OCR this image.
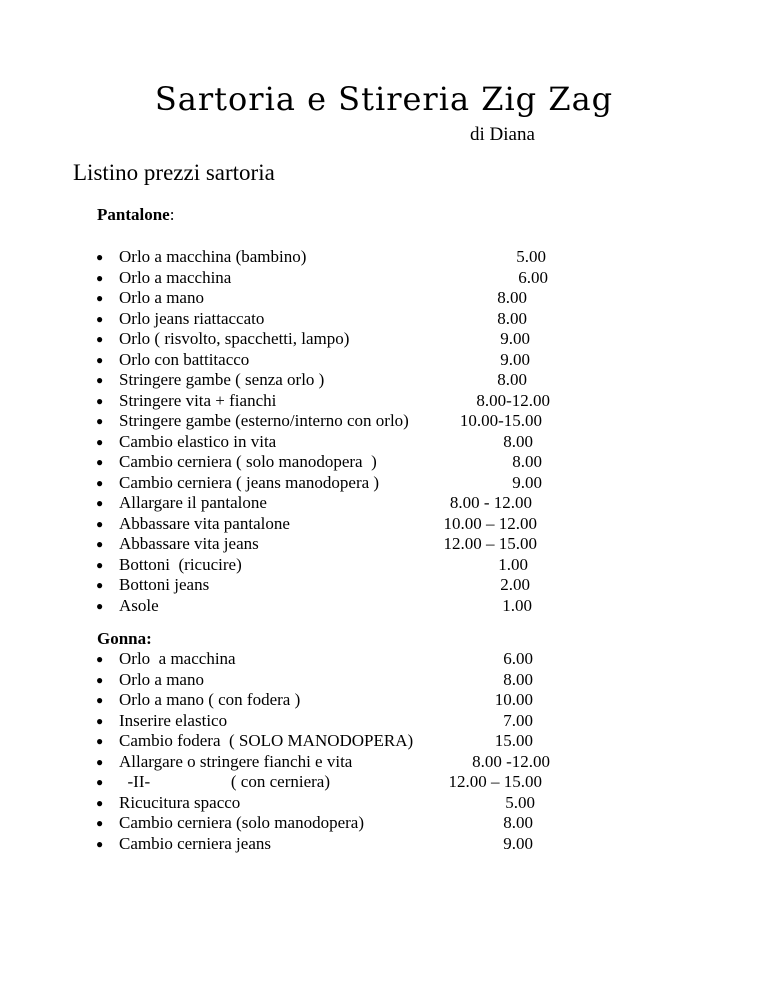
Sartoria e Stireria Zig Zag
di Diana
Listino prezzi sartoria
Pantalone:
● Orlo a macchina (bambino)	5.00
● Orlo a macchina	6.00
● Orlo a mano	8.00
● Orlo jeans riattaccato	8.00
● Orlo ( risvolto, spacchetti, lampo)	9.00
● Orlo con battitacco	9.00
● Stringere gambe ( senza orlo )	8.00
● Stringere vita + fianchi	8.00-12.00
● Stringere gambe (esterno/interno con orlo)	10.00-15.00
● Cambio elastico in vita	8.00
● Cambio cerniera ( solo manodopera  )	8.00
● Cambio cerniera ( jeans manodopera )	9.00
● Allargare il pantalone	8.00 - 12.00
● Abbassare vita pantalone	10.00 – 12.00
● Abbassare vita jeans	12.00 – 15.00
● Bottoni  (ricucire)	1.00
● Bottoni jeans	2.00
● Asole	1.00
Gonna:
● Orlo  a macchina	6.00
● Orlo a mano	8.00
● Orlo a mano ( con fodera )	10.00
● Inserire elastico	7.00
● Cambio fodera  ( SOLO MANODOPERA)	15.00
● Allargare o stringere fianchi e vita	8.00 -12.00
● -II-                   ( con cerniera)	12.00 – 15.00
● Ricucitura spacco	5.00
● Cambio cerniera (solo manodopera)	8.00
● Cambio cerniera jeans	9.00
